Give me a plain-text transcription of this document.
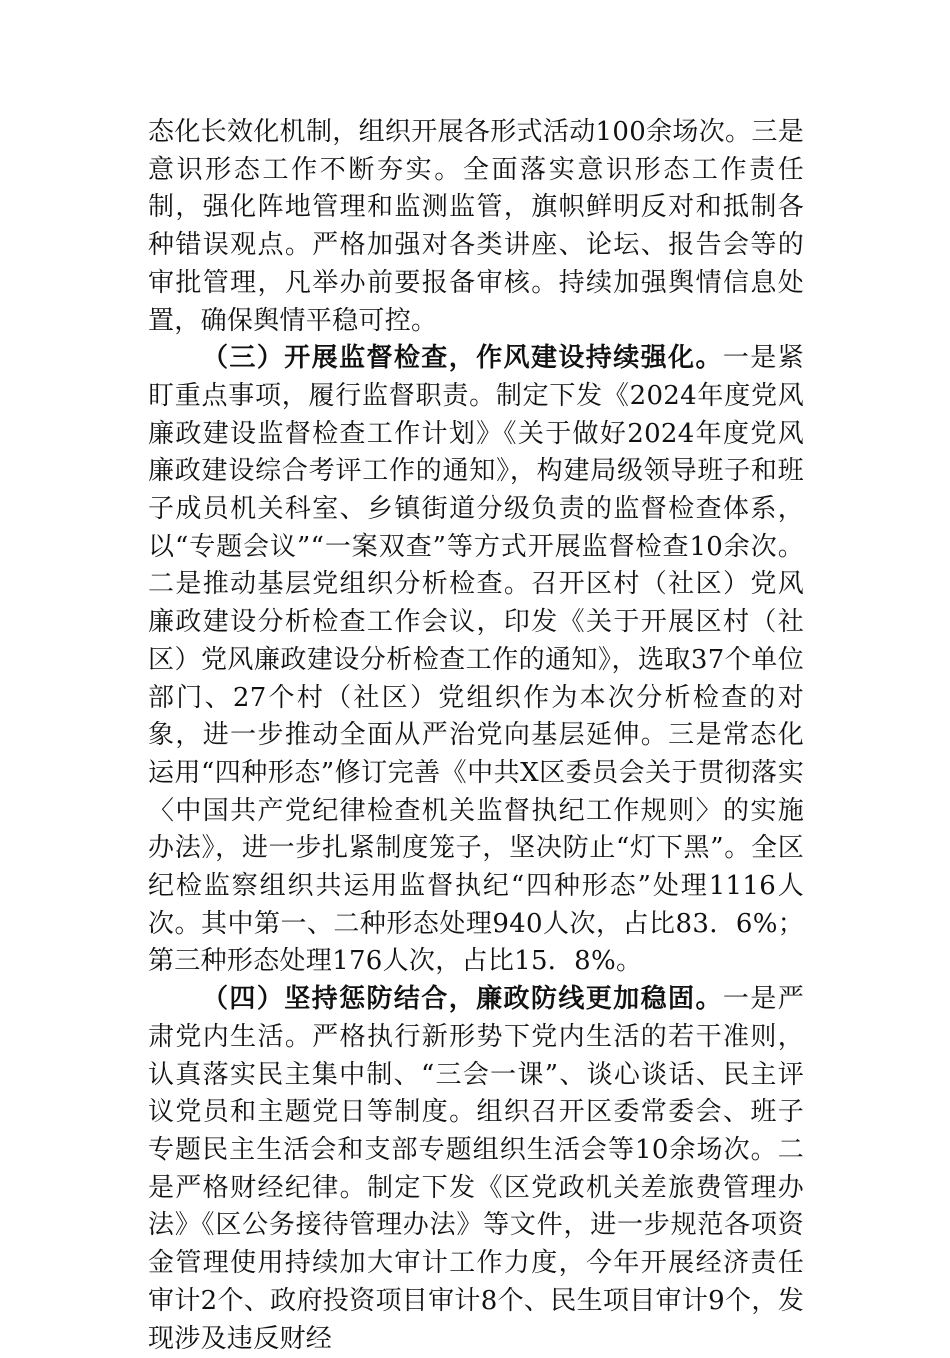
态化长效化机制，组织开展各形式活动100余场次。三是意识形态工作不断夯实。全面落实意识形态工作责任制，强化阵地管理和监测监管，旗帜鲜明反对和抵制各种错误观点。严格加强对各类讲座、论坛、报告会等的审批管理，凡举办前要报备审核。持续加强舆情信息处置，确保舆情平稳可控。

（三）开展监督检查，作风建设持续强化。一是紧盯重点事项，履行监督职责。制定下发《2024年度党风廉政建设监督检查工作计划》《关于做好2024年度党风廉政建设综合考评工作的通知》，构建局级领导班子和班子成员机关科室、乡镇街道分级负责的监督检查体系，以“专题会议”“一案双查”等方式开展监督检查10余次。二是推动基层党组织分析检查。召开区村（社区）党风廉政建设分析检查工作会议，印发《关于开展区村（社区）党风廉政建设分析检查工作的通知》，选取37个单位部门、27个村（社区）党组织作为本次分析检查的对象，进一步推动全面从严治党向基层延伸。三是常态化运用“四种形态”修订完善《中共X区委员会关于贯彻落实〈中国共产党纪律检查机关监督执纪工作规则〉的实施办法》，进一步扎紧制度笼子，坚决防止“灯下黑”。全区纪检监察组织共运用监督执纪“四种形态”处理1116人次。其中第一、二种形态处理940人次，占比83．6%；第三种形态处理176人次，占比15．8%。

（四）坚持惩防结合，廉政防线更加稳固。一是严肃党内生活。严格执行新形势下党内生活的若干准则，认真落实民主集中制、“三会一课”、谈心谈话、民主评议党员和主题党日等制度。组织召开区委常委会、班子专题民主生活会和支部专题组织生活会等10余场次。二是严格财经纪律。制定下发《区党政机关差旅费管理办法》《区公务接待管理办法》等文件，进一步规范各项资金管理使用持续加大审计工作力度，今年开展经济责任审计2个、政府投资项目审计8个、民生项目审计9个，发现涉及违反财经
